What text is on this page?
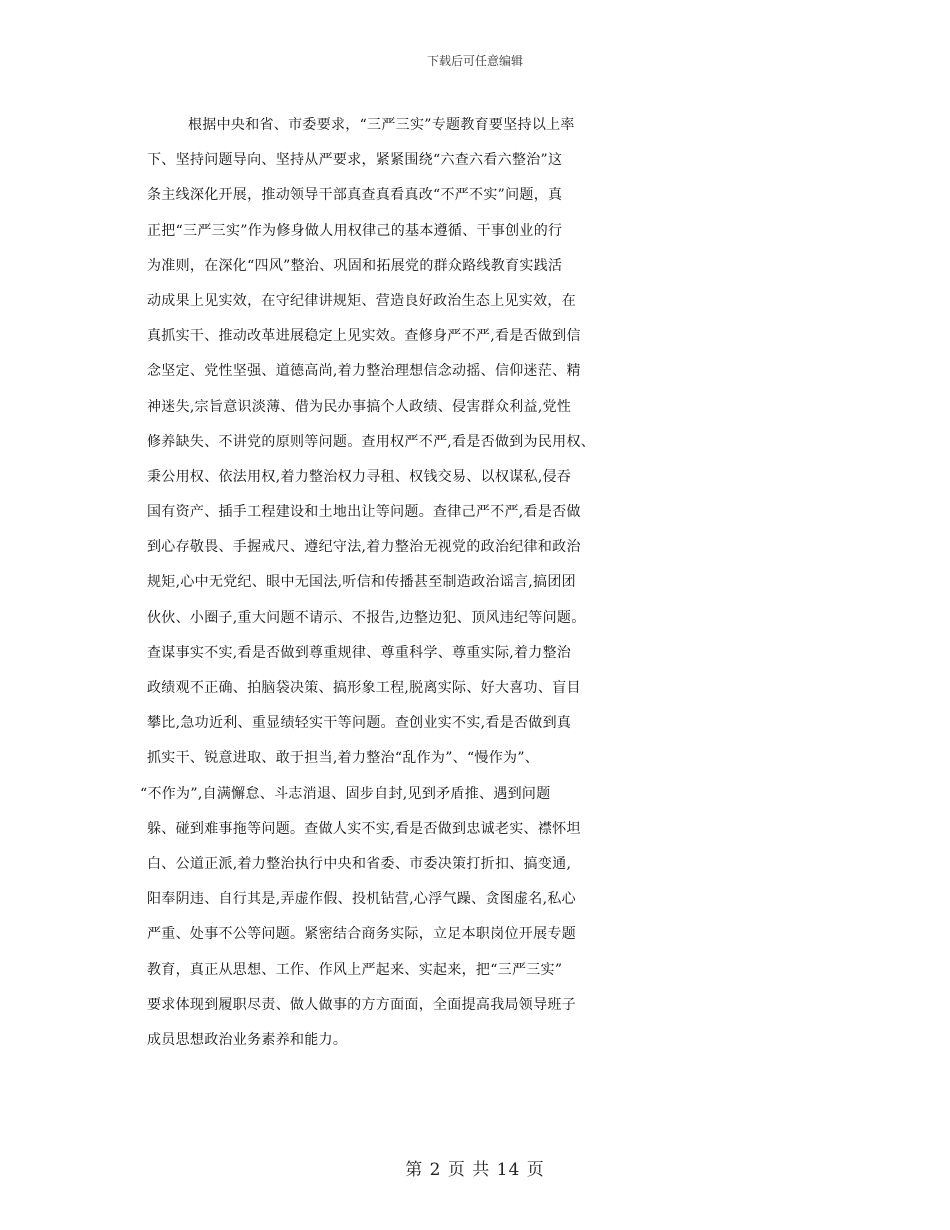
下载后可任意编辑
根据中央和省、市委要求，“三严三实”专题教育要坚持以上率
下、坚持问题导向、坚持从严要求，紧紧围绕“六查六看六整治”这
条主线深化开展，推动领导干部真查真看真改“不严不实”问题，真
正把“三严三实”作为修身做人用权律己的基本遵循、干事创业的行
为准则，在深化“四风”整治、巩固和拓展党的群众路线教育实践活
动成果上见实效，在守纪律讲规矩、营造良好政治生态上见实效，在
真抓实干、推动改革进展稳定上见实效。查修身严不严,看是否做到信
念坚定、党性坚强、道德高尚,着力整治理想信念动摇、信仰迷茫、精
神迷失,宗旨意识淡薄、借为民办事搞个人政绩、侵害群众利益,党性
修养缺失、不讲党的原则等问题。查用权严不严,看是否做到为民用权、
秉公用权、依法用权,着力整治权力寻租、权钱交易、以权谋私,侵吞
国有资产、插手工程建设和土地出让等问题。查律己严不严,看是否做
到心存敬畏、手握戒尺、遵纪守法,着力整治无视党的政治纪律和政治
规矩,心中无党纪、眼中无国法,听信和传播甚至制造政治谣言,搞团团
伙伙、小圈子,重大问题不请示、不报告,边整边犯、顶风违纪等问题。
查谋事实不实,看是否做到尊重规律、尊重科学、尊重实际,着力整治
政绩观不正确、拍脑袋决策、搞形象工程,脱离实际、好大喜功、盲目
攀比,急功近利、重显绩轻实干等问题。查创业实不实,看是否做到真
抓实干、锐意进取、敢于担当,着力整治“乱作为”、“慢作为”、
“不作为”,自满懈怠、斗志消退、固步自封,见到矛盾推、遇到问题
躲、碰到难事拖等问题。查做人实不实,看是否做到忠诚老实、襟怀坦
白、公道正派,着力整治执行中央和省委、市委决策打折扣、搞变通,
阳奉阴违、自行其是,弄虚作假、投机钻营,心浮气躁、贪图虚名,私心
严重、处事不公等问题。紧密结合商务实际，立足本职岗位开展专题
教育，真正从思想、工作、作风上严起来、实起来，把“三严三实”
要求体现到履职尽责、做人做事的方方面面，全面提高我局领导班子
成员思想政治业务素养和能力。
第 2 页 共 14 页
